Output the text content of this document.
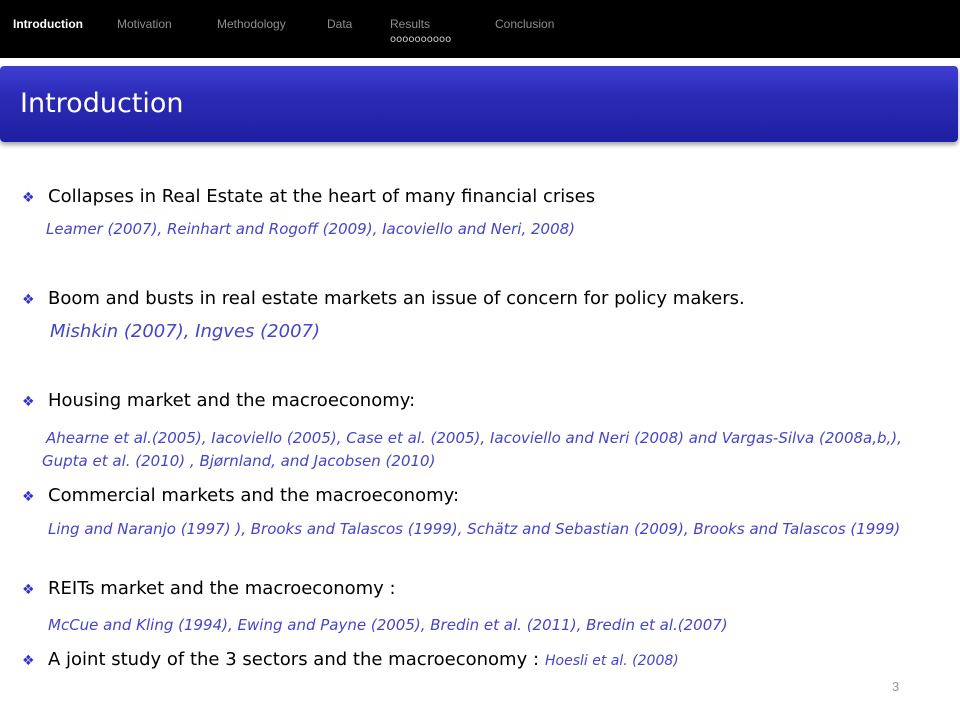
Introduction	Motivation	Methodology	Data	Results
oooooooooo
Conclusion
Introduction
❖ Collapses in Real Estate at the heart of many financial crises
Leamer (2007), Reinhart and Rogoff (2009), Iacoviello and Neri, 2008)
❖ Boom and busts in real estate markets an issue of concern for policy makers.
Mishkin (2007), Ingves (2007)
❖ Housing market and the macroeconomy:
Ahearne et al.(2005), Iacoviello (2005), Case et al. (2005), Iacoviello and Neri (2008) and Vargas-Silva (2008a,b,), Gupta et al. (2010) , Bjørnland, and Jacobsen (2010)
❖ Commercial markets and the macroeconomy:
Ling and Naranjo (1997) ), Brooks and Talascos (1999), Schätz and Sebastian (2009), Brooks and Talascos (1999)
❖ REITs market and the macroeconomy :
McCue and Kling (1994), Ewing and Payne (2005), Bredin et al. (2011), Bredin et al.(2007)
❖ A joint study of the 3 sectors and the macroeconomy : Hoesli et al. (2008)
3
